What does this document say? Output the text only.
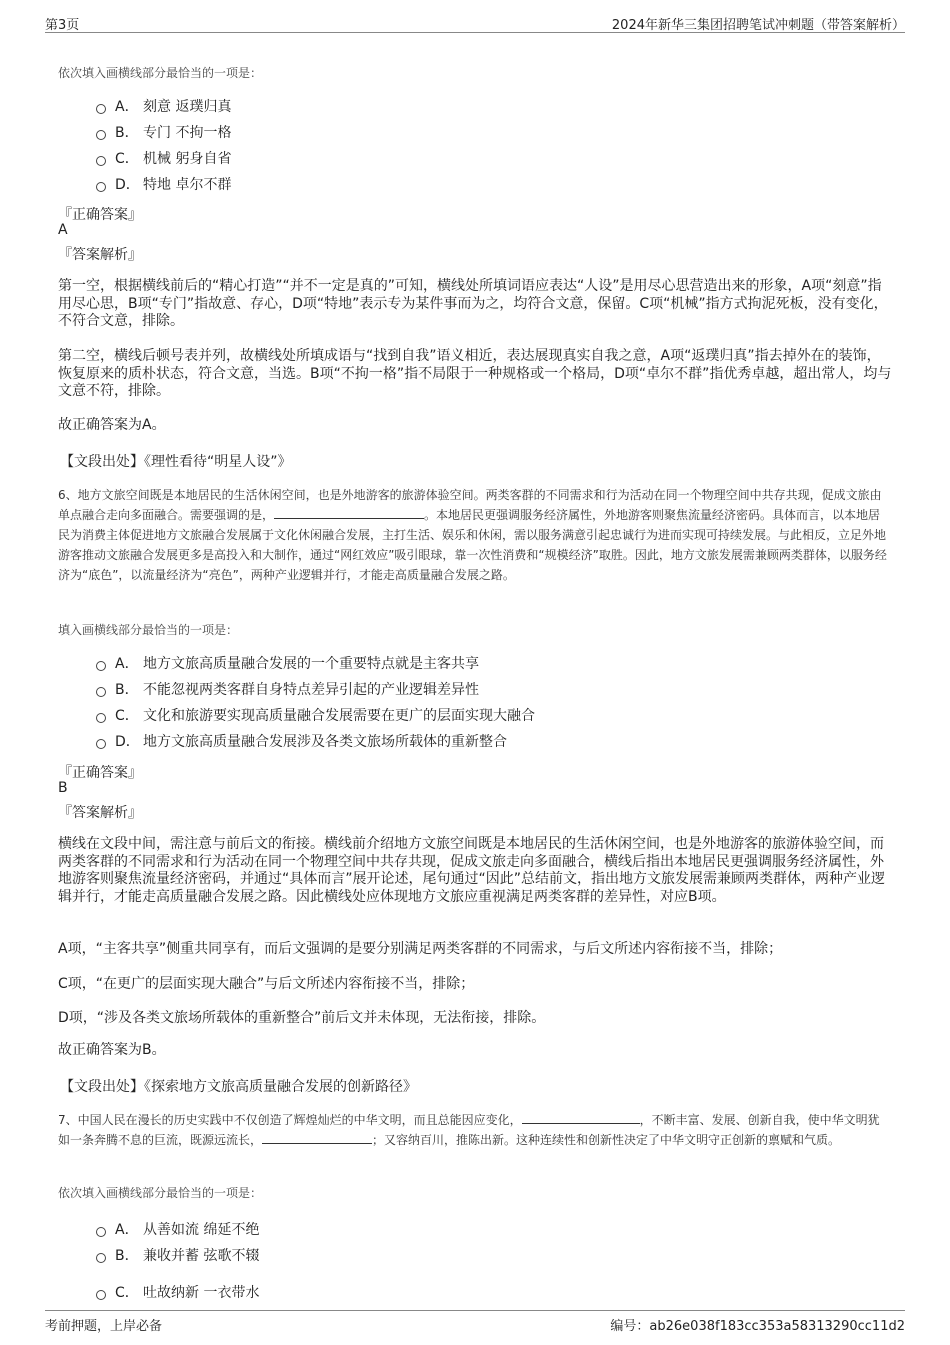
第3页	2024年新华三集团招聘笔试冲刺题（带答案解析）
依次填入画横线部分最恰当的一项是：
A． 刻意 返璞归真
B． 专门 不拘一格
C． 机械 躬身自省
D． 特地 卓尔不群
『正确答案』
A
『答案解析』
第一空，根据横线前后的“精心打造”“并不一定是真的”可知，横线处所填词语应表达“人设”是用尽心思营造出来的形象，A项“刻意”指用尽心思，B项“专门”指故意、存心，D项“特地”表示专为某件事而为之，均符合文意，保留。C项“机械”指方式拘泥死板，没有变化，不符合文意，排除。
第二空，横线后顿号表并列，故横线处所填成语与“找到自我”语义相近，表达展现真实自我之意，A项“返璞归真”指去掉外在的装饰，恢复原来的质朴状态，符合文意，当选。B项“不拘一格”指不局限于一种规格或一个格局，D项“卓尔不群”指优秀卓越，超出常人，均与文意不符，排除。
故正确答案为A。
【文段出处】《理性看待“明星人设”》
6、地方文旅空间既是本地居民的生活休闲空间，也是外地游客的旅游体验空间。两类客群的不同需求和行为活动在同一个物理空间中共存共现，促成文旅由单点融合走向多面融合。需要强调的是，	。本地居民更强调服务经济属性，外地游客则聚焦流量经济密码。具体而言，以本地居民为消费主体促进地方文旅融合发展属于文化休闲融合发展，主打生活、娱乐和休闲，需以服务满意引起忠诚行为进而实现可持续发展。与此相反，立足外地游客推动文旅融合发展更多是高投入和大制作，通过“网红效应”吸引眼球，靠一次性消费和“规模经济”取胜。因此，地方文旅发展需兼顾两类群体，以服务经济为“底色”，以流量经济为“亮色”，两种产业逻辑并行，才能走高质量融合发展之路。
填入画横线部分最恰当的一项是：
A． 地方文旅高质量融合发展的一个重要特点就是主客共享
B． 不能忽视两类客群自身特点差异引起的产业逻辑差异性
C． 文化和旅游要实现高质量融合发展需要在更广的层面实现大融合
D． 地方文旅高质量融合发展涉及各类文旅场所载体的重新整合
『正确答案』
B
『答案解析』
横线在文段中间，需注意与前后文的衔接。横线前介绍地方文旅空间既是本地居民的生活休闲空间，也是外地游客的旅游体验空间，而两类客群的不同需求和行为活动在同一个物理空间中共存共现，促成文旅走向多面融合，横线后指出本地居民更强调服务经济属性，外地游客则聚焦流量经济密码，并通过“具体而言”展开论述，尾句通过“因此”总结前文，指出地方文旅发展需兼顾两类群体，两种产业逻辑并行，才能走高质量融合发展之路。因此横线处应体现地方文旅应重视满足两类客群的差异性，对应B项。
A项，“主客共享”侧重共同享有，而后文强调的是要分别满足两类客群的不同需求，与后文所述内容衔接不当，排除；
C项，“在更广的层面实现大融合”与后文所述内容衔接不当，排除；
D项，“涉及各类文旅场所载体的重新整合”前后文并未体现，无法衔接，排除。
故正确答案为B。
【文段出处】《探索地方文旅高质量融合发展的创新路径》
7、中国人民在漫长的历史实践中不仅创造了辉煌灿烂的中华文明，而且总能因应变化，	，不断丰富、发展、创新自我，使中华文明犹如一条奔腾不息的巨流，既源远流长，	；又容纳百川，推陈出新。这种连续性和创新性决定了中华文明守正创新的禀赋和气质。
依次填入画横线部分最恰当的一项是：
A． 从善如流 绵延不绝
B． 兼收并蓄 弦歌不辍
C． 吐故纳新 一衣带水
考前押题，上岸必备	编号：ab26e038f183cc353a58313290cc11d2
